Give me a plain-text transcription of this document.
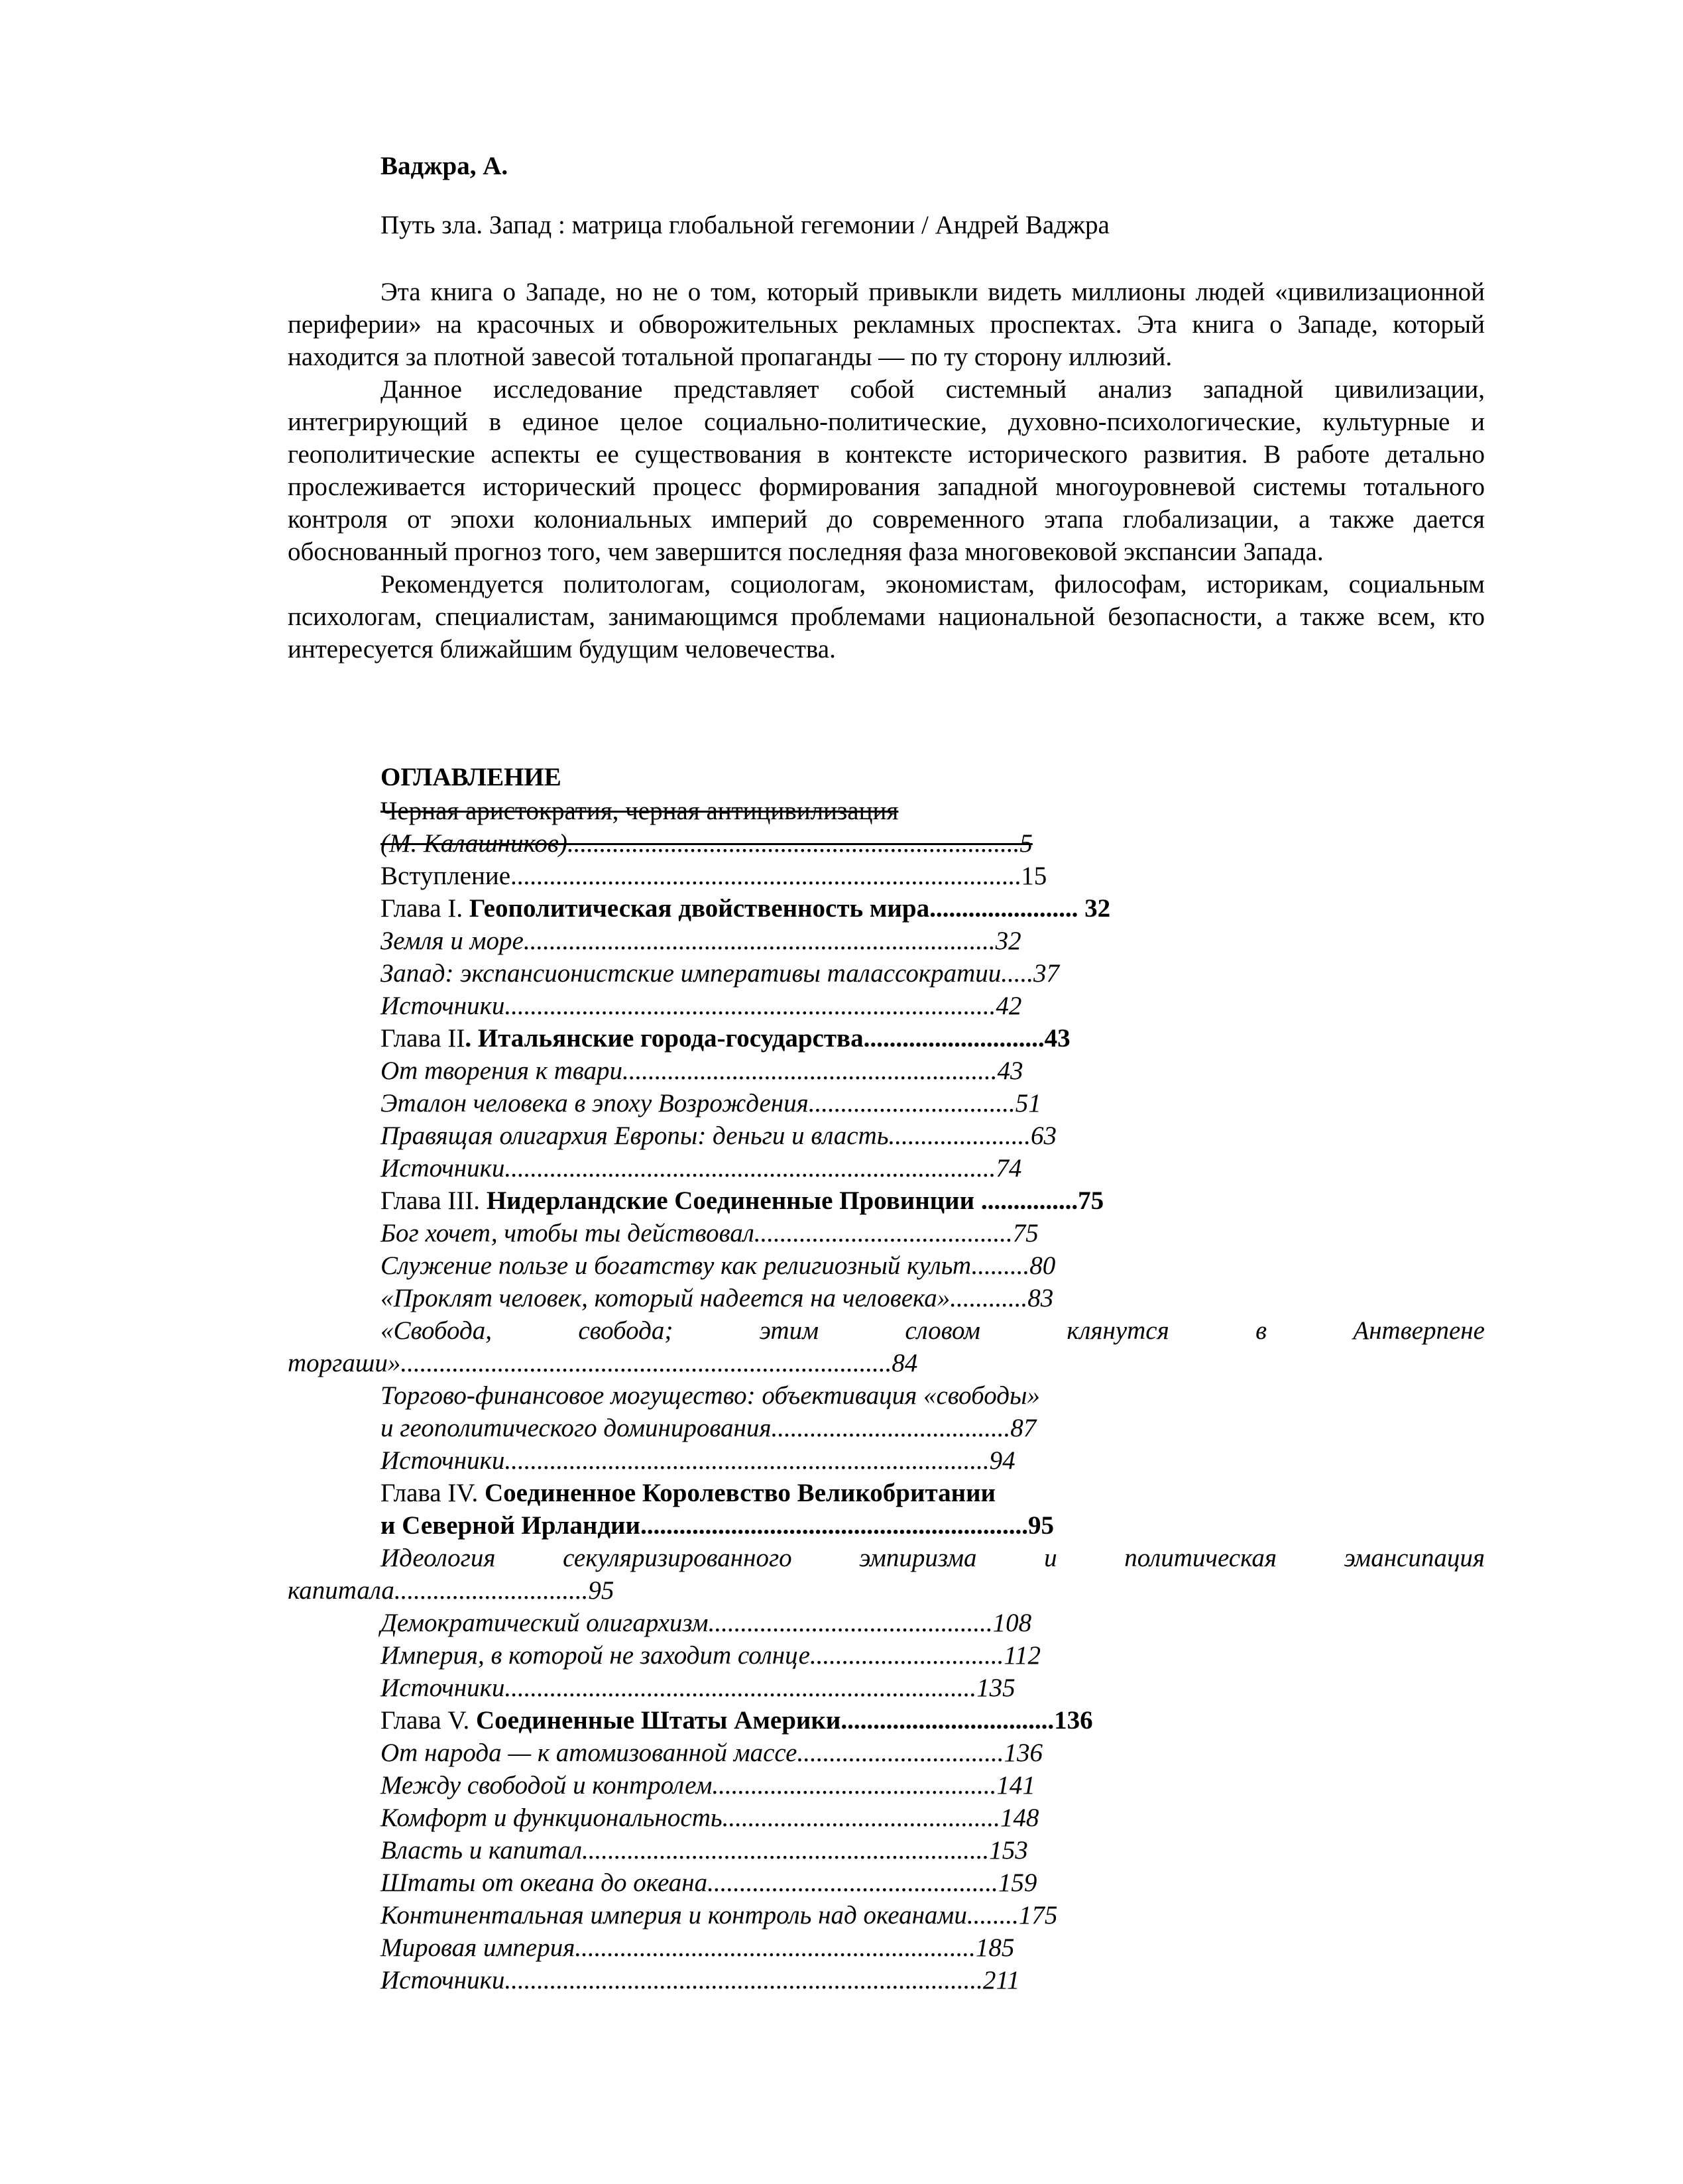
Ваджра, А.

Путь зла. Запад : матрица глобальной гегемонии / Андрей Ваджра

Эта книга о Западе, но не о том, который привыкли видеть миллионы людей «цивилизационной периферии» на красочных и обворожительных рекламных проспектах. Эта книга о Западе, который находится за плотной завесой тотальной пропаганды — по ту сторону иллюзий.

Данное исследование представляет собой системный анализ западной цивилизации, интегрирующий в единое целое социально-политические, духовно-психологические, культурные и геополитические аспекты ее существования в контексте исторического развития. В работе детально прослеживается исторический процесс формирования западной многоуровневой системы тотального контроля от эпохи колониальных империй до современного этапа глобализации, а также дается обоснованный прогноз того, чем завершится последняя фаза многовековой экспансии Запада.

Рекомендуется политологам, социологам, экономистам, философам, историкам, социальным психологам, специалистам, занимающимся проблемами национальной безопасности, а также всем, кто интересуется ближайшим будущим человечества.

ОГЛАВЛЕНИЕ

Черная аристократия, черная антицивилизация
(М. Калашников)......................................................................5
Вступление...............................................................................15
Глава I. Геополитическая двойственность мира....................... 32
Земля и море.........................................................................32
Запад: экспансионистские императивы талассократии.....37
Источники............................................................................42
Глава II. Итальянские города-государства............................43
От творения к твари..........................................................43
Эталон человека в эпоху Возрождения................................51
Правящая олигархия Европы: деньги и власть......................63
Источники............................................................................74
Глава III. Нидерландские Соединенные Провинции ...............75
Бог хочет, чтобы ты действовал........................................75
Служение пользе и богатству как религиозный культ.........80
«Проклят человек, который надеется на человека»............83
«Свобода,	свобода;	этим	словом	клянутся	в	Антверпене
торгаши»............................................................................84
Торгово-финансовое могущество: объективация «свободы»
и геополитического доминирования.....................................87
Источники...........................................................................94
Глава IV. Соединенное Королевство Великобритании
и Северной Ирландии............................................................95
Идеология	секуляризированного	эмпиризма	и	политическая	эмансипация
капитала..............................95
Демократический олигархизм............................................108
Империя, в которой не заходит солнце..............................112
Источники.........................................................................135
Глава V. Соединенные Штаты Америки.................................136
От народа — к атомизованной массе................................136
Между свободой и контролем............................................141
Комфорт и функциональность...........................................148
Власть и капитал...............................................................153
Штаты от океана до океана.............................................159
Континентальная империя и контроль над океанами........175
Мировая империя..............................................................185
Источники..........................................................................211
